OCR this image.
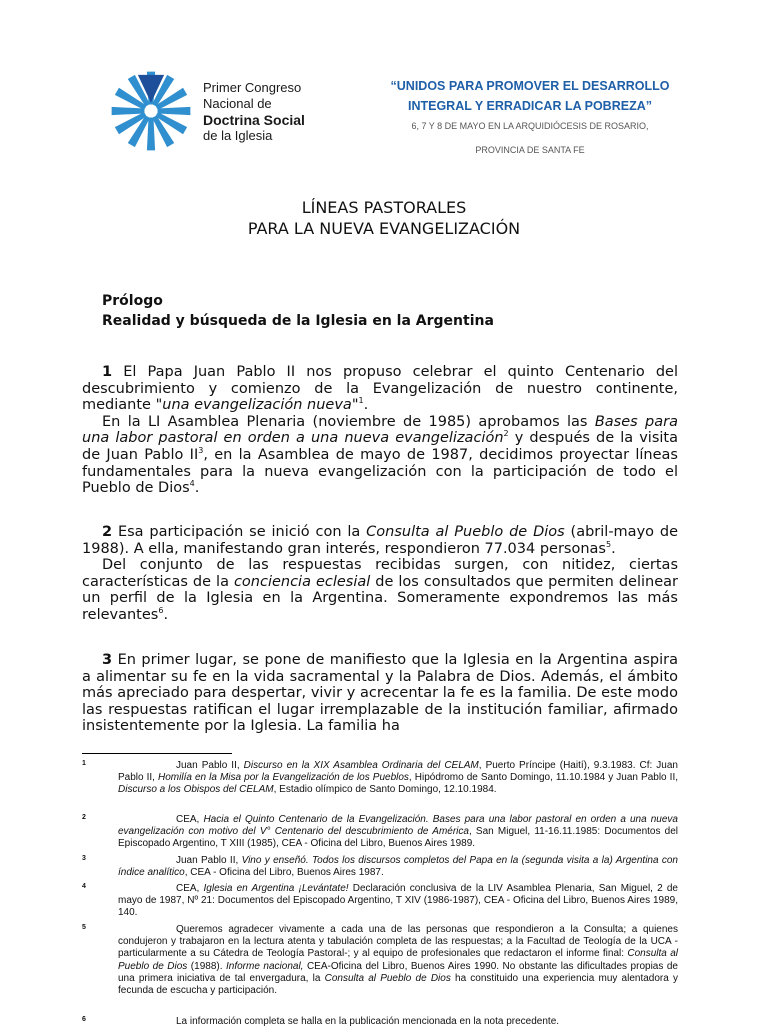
Primer Congreso
Nacional de
Doctrina Social
de la Iglesia
“UNIDOS PARA PROMOVER EL DESARROLLO
INTEGRAL Y ERRADICAR LA POBREZA”
6, 7 Y 8 DE MAYO EN LA ARQUIDIÓCESIS DE ROSARIO,
PROVINCIA DE SANTA FE
LÍNEAS PASTORALES
PARA LA NUEVA EVANGELIZACIÓN
Prólogo
Realidad y búsqueda de la Iglesia en la Argentina

1 El Papa Juan Pablo II nos propuso celebrar el quinto Centenario del descubrimiento y comienzo de la Evangelización de nuestro continente, mediante "una evangelización nueva"$^1$.

En la LI Asamblea Plenaria (noviembre de 1985) aprobamos las Bases para una labor pastoral en orden a una nueva evangelización$^2$ y después de la visita de Juan Pablo $II^3$, en la Asamblea de mayo de 1987, decidimos proyectar líneas fundamentales para la nueva evangelización con la participación de todo el Pueblo de Dios$^4$.

2 Esa participación se inició con la Consulta al Pueblo de Dios (abril-mayo de 1988). A ella, manifestando gran interés, respondieron 77.034 personas$^5$.

Del conjunto de las respuestas recibidas surgen, con nitidez, ciertas características de la conciencia eclesial de los consultados que permiten delinear un perfil de la Iglesia en la Argentina. Someramente expondremos las más relevantes$^6$.

3 En primer lugar, se pone de manifiesto que la Iglesia en la Argentina aspira a alimentar su fe en la vida sacramental y la Palabra de Dios. Además, el ámbito más apreciado para despertar, vivir y acrecentar la fe es la familia. De este modo las respuestas ratifican el lugar irremplazable de la institución familiar, afirmado insistentemente por la Iglesia. La familia ha

1	Juan Pablo II, Discurso en la XIX Asamblea Ordinaria del CELAM, Puerto Príncipe (Haití), 9.3.1983. Cf: Juan Pablo II, Homilía en la Misa por la Evangelización de los Pueblos, Hipódromo de Santo Domingo, 11.10.1984 y Juan Pablo II, Discurso a los Obispos del CELAM, Estadio olímpico de Santo Domingo, 12.10.1984.
2	CEA, Hacia el Quinto Centenario de la Evangelización. Bases para una labor pastoral en orden a una nueva evangelización con motivo del V° Centenario del descubrimiento de América, San Miguel, 11-16.11.1985: Documentos del Episcopado Argentino, T XIII (1985), CEA - Oficina del Libro, Buenos Aires 1989.
3	Juan Pablo II, Vino y enseñó. Todos los discursos completos del Papa en la (segunda visita a la) Argentina con índice analítico, CEA - Oficina del Libro, Buenos Aires 1987.
4	CEA, Iglesia en Argentina ¡Levántate! Declaración conclusiva de la LIV Asamblea Plenaria, San Miguel, 2 de mayo de 1987, Nº 21: Documentos del Episcopado Argentino, T XIV (1986-1987), CEA - Oficina del Libro, Buenos Aires 1989, 140.
5	Queremos agradecer vivamente a cada una de las personas que respondieron a la Consulta; a quienes condujeron y trabajaron en la lectura atenta y tabulación completa de las respuestas; a la Facultad de Teología de la UCA -particularmente a su Cátedra de Teología Pastoral-; y al equipo de profesionales que redactaron el informe final: Consulta al Pueblo de Dios (1988). Informe nacional, CEA-Oficina del Libro, Buenos Aires 1990. No obstante las dificultades propias de una primera iniciativa de tal envergadura, la Consulta al Pueblo de Dios ha constituido una experiencia muy alentadora y fecunda de escucha y participación.
6	La información completa se halla en la publicación mencionada en la nota precedente.
